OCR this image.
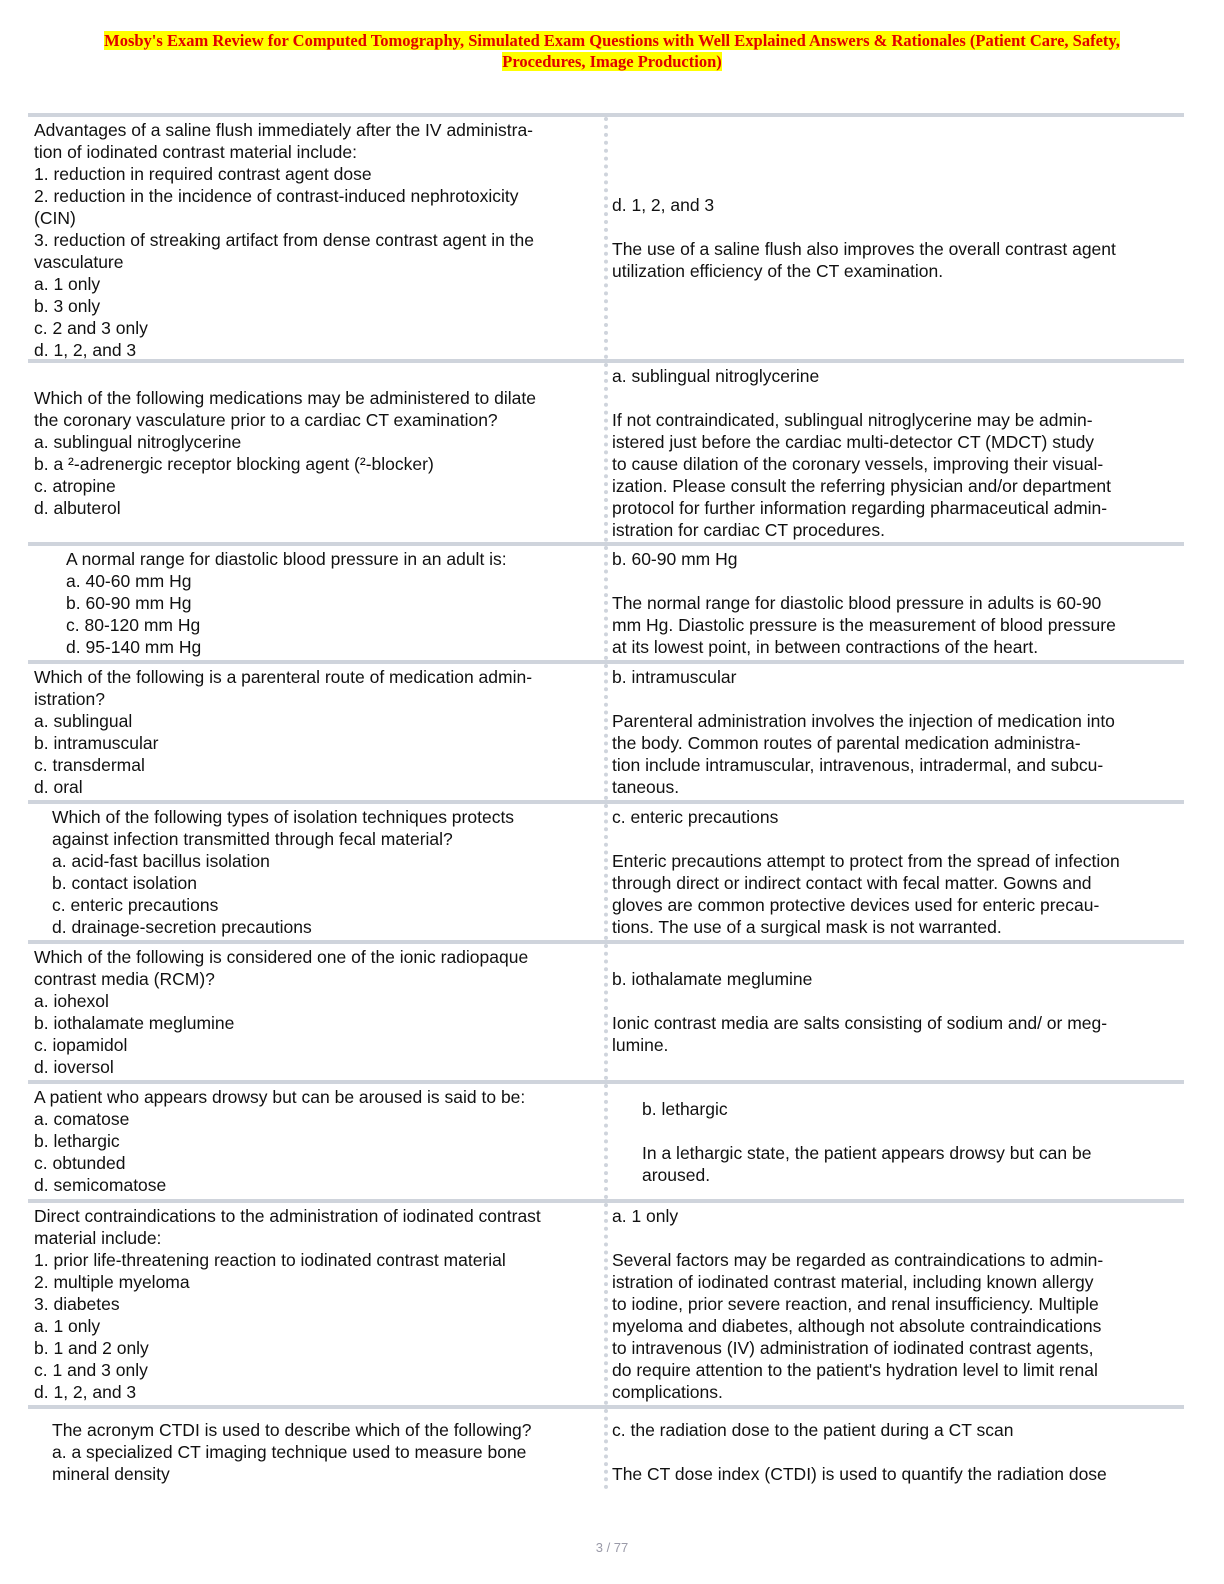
Mosby's Exam Review for Computed Tomography, Simulated Exam Questions with Well Explained Answers & Rationales (Patient Care, Safety,
Procedures, Image Production)
Advantages of a saline flush immediately after the IV administra-
tion of iodinated contrast material include:
1. reduction in required contrast agent dose
2. reduction in the incidence of contrast-induced nephrotoxicity
(CIN)
3. reduction of streaking artifact from dense contrast agent in the
vasculature
a. 1 only
b. 3 only
c. 2 and 3 only
d. 1, 2, and 3
d. 1, 2, and 3
The use of a saline flush also improves the overall contrast agent
utilization efficiency of the CT examination.
Which of the following medications may be administered to dilate
the coronary vasculature prior to a cardiac CT examination?
a. sublingual nitroglycerine
b. a ²-adrenergic receptor blocking agent (²-blocker)
c. atropine
d. albuterol
a. sublingual nitroglycerine
If not contraindicated, sublingual nitroglycerine may be admin-
istered just before the cardiac multi-detector CT (MDCT) study
to cause dilation of the coronary vessels, improving their visual-
ization. Please consult the referring physician and/or department
protocol for further information regarding pharmaceutical admin-
istration for cardiac CT procedures.
A normal range for diastolic blood pressure in an adult is:
a. 40-60 mm Hg
b. 60-90 mm Hg
c. 80-120 mm Hg
d. 95-140 mm Hg
b. 60-90 mm Hg
The normal range for diastolic blood pressure in adults is 60-90
mm Hg. Diastolic pressure is the measurement of blood pressure
at its lowest point, in between contractions of the heart.
Which of the following is a parenteral route of medication admin-
istration?
a. sublingual
b. intramuscular
c. transdermal
d. oral
b. intramuscular
Parenteral administration involves the injection of medication into
the body. Common routes of parental medication administra-
tion include intramuscular, intravenous, intradermal, and subcu-
taneous.
Which of the following types of isolation techniques protects
against infection transmitted through fecal material?
a. acid-fast bacillus isolation
b. contact isolation
c. enteric precautions
d. drainage-secretion precautions
c. enteric precautions
Enteric precautions attempt to protect from the spread of infection
through direct or indirect contact with fecal matter. Gowns and
gloves are common protective devices used for enteric precau-
tions. The use of a surgical mask is not warranted.
Which of the following is considered one of the ionic radiopaque
contrast media (RCM)?
a. iohexol
b. iothalamate meglumine
c. iopamidol
d. ioversol
b. iothalamate meglumine
Ionic contrast media are salts consisting of sodium and/ or meg-
lumine.
A patient who appears drowsy but can be aroused is said to be:
a. comatose
b. lethargic
c. obtunded
d. semicomatose
b. lethargic
In a lethargic state, the patient appears drowsy but can be
aroused.
Direct contraindications to the administration of iodinated contrast
material include:
1. prior life-threatening reaction to iodinated contrast material
2. multiple myeloma
3. diabetes
a. 1 only
b. 1 and 2 only
c. 1 and 3 only
d. 1, 2, and 3
a. 1 only
Several factors may be regarded as contraindications to admin-
istration of iodinated contrast material, including known allergy
to iodine, prior severe reaction, and renal insufficiency. Multiple
myeloma and diabetes, although not absolute contraindications
to intravenous (IV) administration of iodinated contrast agents,
do require attention to the patient's hydration level to limit renal
complications.
The acronym CTDI is used to describe which of the following?
a. a specialized CT imaging technique used to measure bone
mineral density
c. the radiation dose to the patient during a CT scan
The CT dose index (CTDI) is used to quantify the radiation dose
3 / 77
